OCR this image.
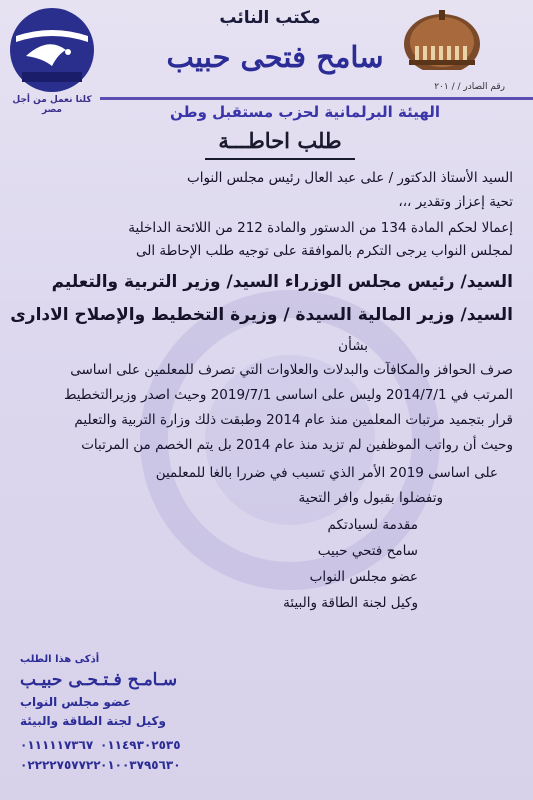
كلنا نعمل من أجل مصر
مكتب النائب
سامح فتحى حبيب
رقم الصادر / / ٢٠١
الهيئة البرلمانية لحزب مستقبل وطن
طلب احاطـــة
السيد الأستاذ الدكتور / على عبد العال رئيس مجلس النواب
تحية إعزاز وتقدير ،،،
إعمالا لحكم المادة 134 من الدستور والمادة 212 من اللائحة الداخلية
لمجلس النواب يرجى التكرم بالموافقة على توجيه طلب الإحاطة الى
السيد/ رئيس مجلس الوزراء السيد/ وزير التربية والتعليم
السيد/ وزير المالية السيدة / وزيرة التخطيط والإصلاح الادارى
بشأن
صرف الحوافز والمكافآت والبدلات والعلاوات التي تصرف للمعلمين على اساسى
المرتب في 2014/7/1 وليس على اساسى 2019/7/1 وحيث اصدر وزيرالتخطيط
قرار بتجميد مرتبات المعلمين منذ عام 2014 وطبقت ذلك وزارة التربية والتعليم
وحيث أن رواتب الموظفين لم تزيد منذ عام 2014 بل يتم الخصم من المرتبات
على اساسى 2019 الأمر الذي تسبب في ضررا بالغا للمعلمين
وتفضلوا بقبول وافر التحية
مقدمة لسيادتكم
سامح فتحي حبيب
عضو مجلس النواب
وكيل لجنة الطاقة والبيئة
أذكى هذا الطلب
سـامـح فـتـحـى حبيـب
عضو مجلس النواب
وكيل لجنة الطاقة والبيئة
٠١١١١١٧٣٦٧ ٠١١٤٩٣٠٢٥٣٥
٠٢٢٢٢٧٥٧٧٢٢ ٠١٠٠٣٧٩٥٦٣٠
